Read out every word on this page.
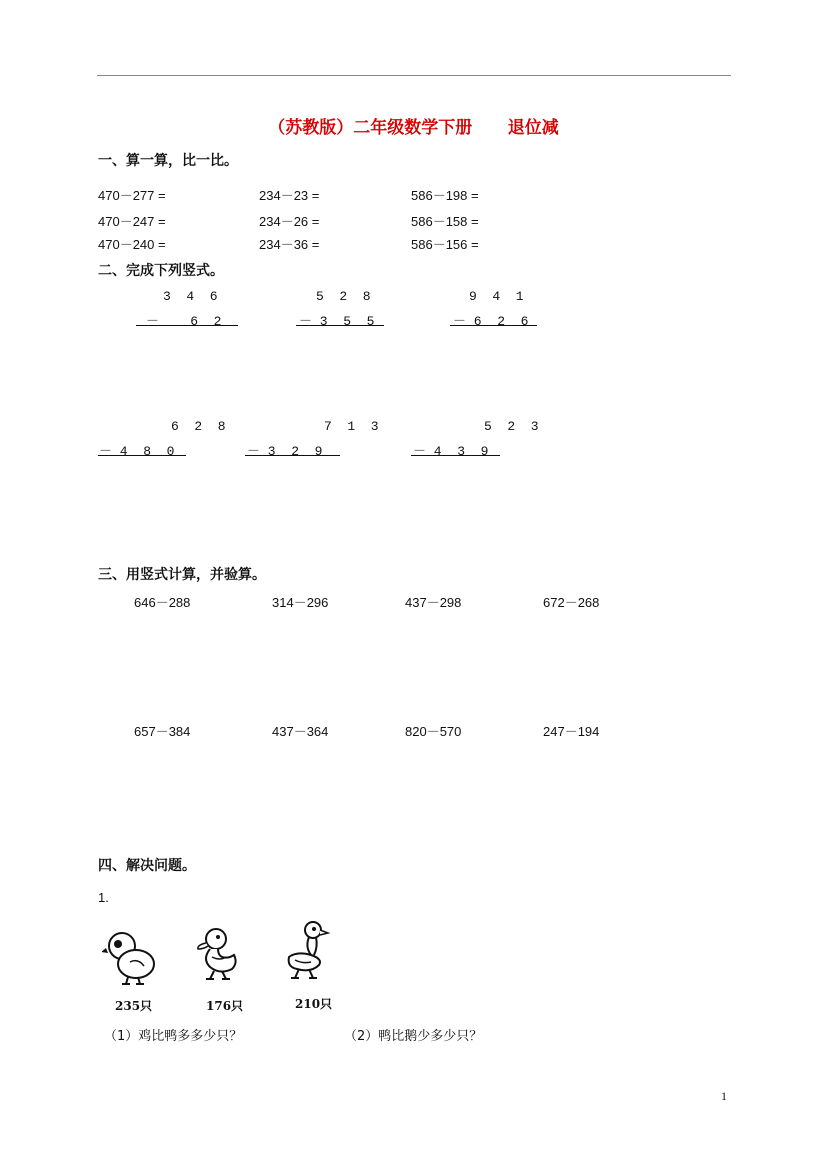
（苏教版）二年级数学下册 退位减
一、算一算，比一比。
470－277 =	234－23 =	586－198 =
470－247 =	234－26 =	586－158 =
470－240 =	234－36 =	586－156 =
二、完成下列竖式。
3  4  6
－    6  2
5  2  8
－ 3  5  5
9  4  1
－ 6  2  6
6  2  8
－ 4  8  0
7  1  3
－ 3  2  9
5  2  3
－ 4  3  9
三、用竖式计算，并验算。
646－288	314－296	437－298	672－268
657－384	437－364	820－570	247－194
四、解决问题。
1.
235只	176只	210只
（1）鸡比鸭多多少只？	（2）鸭比鹅少多少只？
1
